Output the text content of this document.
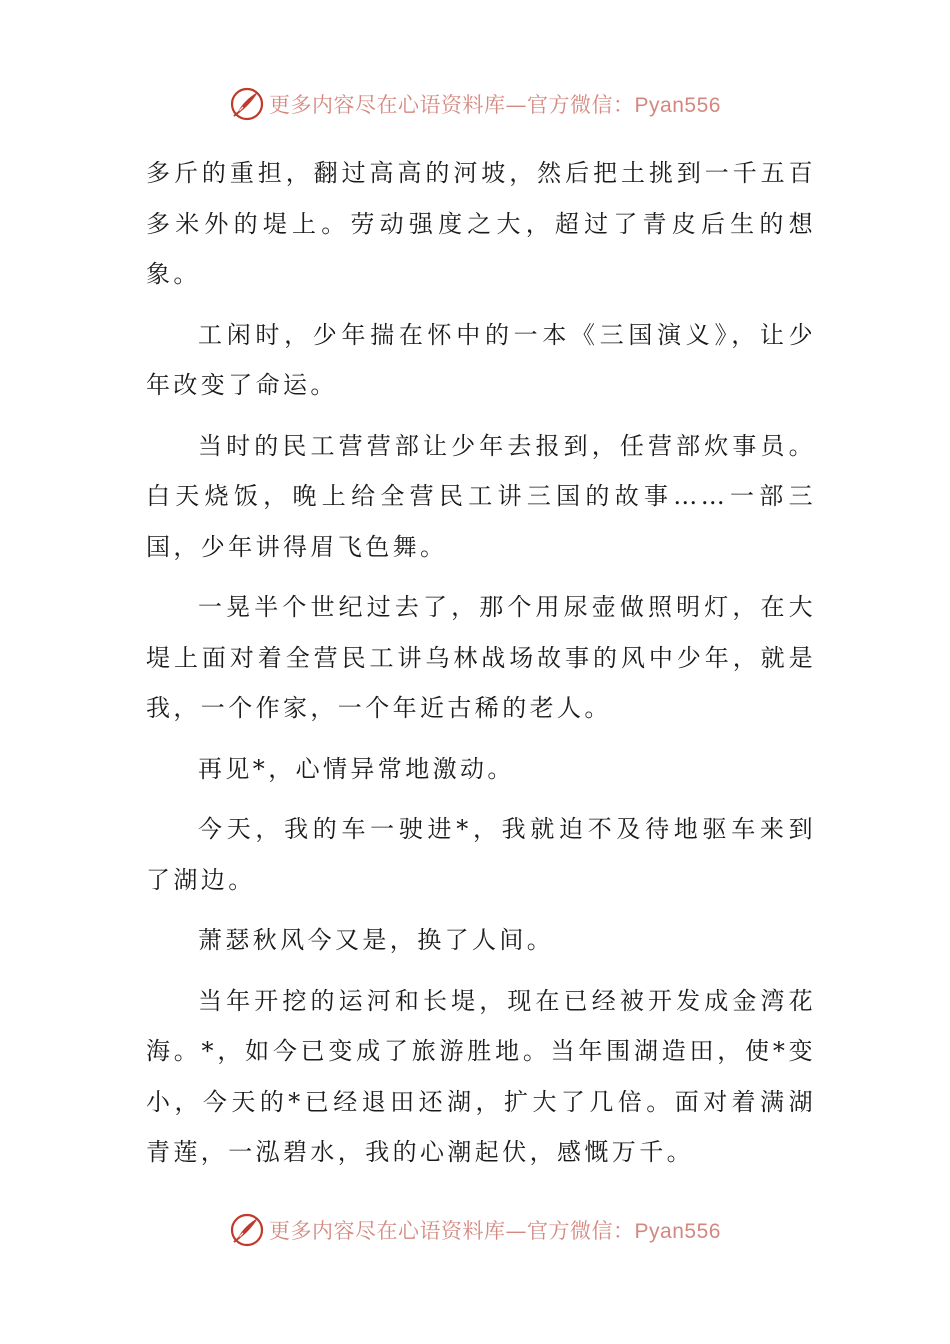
更多内容尽在心语资料库—官方微信：Pyan556

多斤的重担，翻过高高的河坡，然后把土挑到一千五百多米外的堤上。劳动强度之大，超过了青皮后生的想象。

工闲时，少年揣在怀中的一本《三国演义》，让少年改变了命运。

当时的民工营营部让少年去报到，任营部炊事员。白天烧饭，晚上给全营民工讲三国的故事……一部三国，少年讲得眉飞色舞。

一晃半个世纪过去了，那个用尿壶做照明灯，在大堤上面对着全营民工讲乌林战场故事的风中少年，就是我，一个作家，一个年近古稀的老人。

再见*，心情异常地激动。

今天，我的车一驶进*，我就迫不及待地驱车来到了湖边。

萧瑟秋风今又是，换了人间。

当年开挖的运河和长堤，现在已经被开发成金湾花海。*，如今已变成了旅游胜地。当年围湖造田，使*变小，今天的*已经退田还湖，扩大了几倍。面对着满湖青莲，一泓碧水，我的心潮起伏，感慨万千。

更多内容尽在心语资料库—官方微信：Pyan556
